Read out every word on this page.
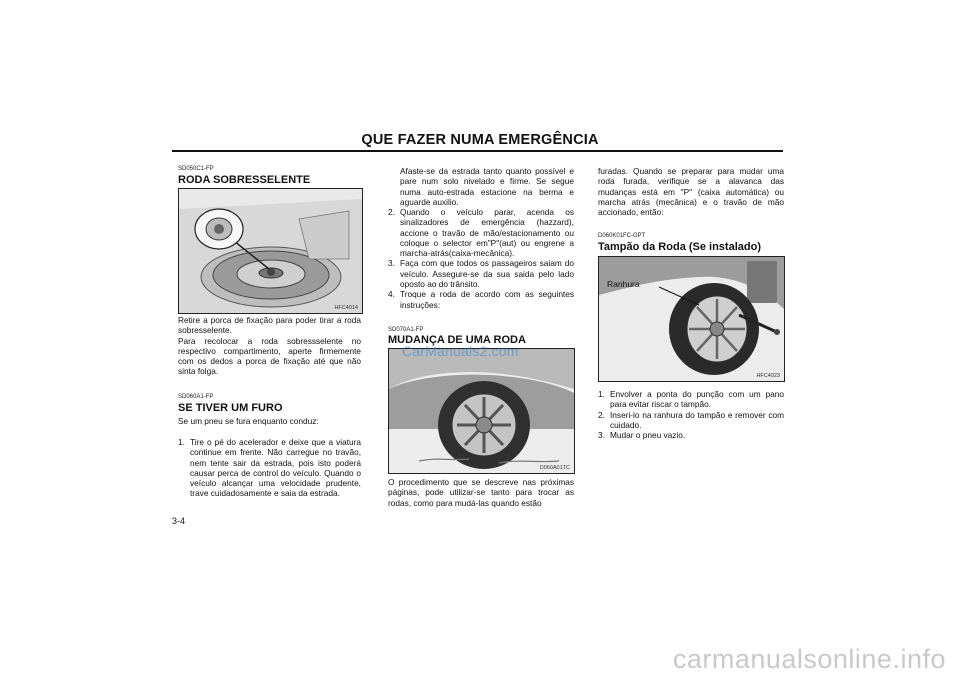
QUE FAZER NUMA EMERGÊNCIA
SD050C1-FP
RODA SOBRESSELENTE
HFC4014
Retire a porca de fixação para poder tirar a roda sobresselente.
Para recolocar a roda sobressselente no respectivo compartimento, aperte firmemente com os dedos a porca de fixação até que não sinta folga.
SD060A1-FP
SE TIVER UM FURO
Se um pneu se fura enquanto conduz:
1. Tire o pé do acelerador e deixe que a viatura continue em frente. Não carregue no travão, nem tente sair da estrada, pois isto poderá causar perca de control do veículo. Quando o veículo alcançar uma velocidade prudente, trave cuidadosamente e saia da estrada.
Afaste-se da estrada tanto quanto possível e pare num solo nivelado e firme. Se segue numa auto-estrada estacione na berma e aguarde auxilio.
2. Quando o veículo parar, acenda os sinalizadores de emergência (hazzard), accione o travão de mão/estacionamento ou coloque o selector em"P"(aut) ou engrene a marcha-atrás(caixa-mecânica).
3. Faça com que todos os passageiros saiam do veículo. Assegure-se da sua saida pelo lado oposto ao do trânsito.
4. Troque a roda de acordo com as seguintes instruções:
SD070A1-FP
MUDANÇA DE UMA RODA
D060A01TC
CarManuals2.com
O procedimento que se descreve nas próximas páginas, pode utilizar-se tanto para trocar as rodas, como para mudá-las quando estão
furadas. Quando se preparar para mudar uma roda furada, verifique se a alavanca das mudanças está em "P" (caixa automática) ou marcha atrás (mecânica) e o travão de mão accionado, então:
D060K01FC-GPT
Tampão da Roda (Se instalado)
Ranhura
HFC4023
1. Envolver a ponta do punção com um pano para evitar riscar o tampão.
2. Inseri-lo na ranhura do tampão e remover com cuidado.
3. Mudar o pneu vazio.
3-4
carmanualsonline.info
